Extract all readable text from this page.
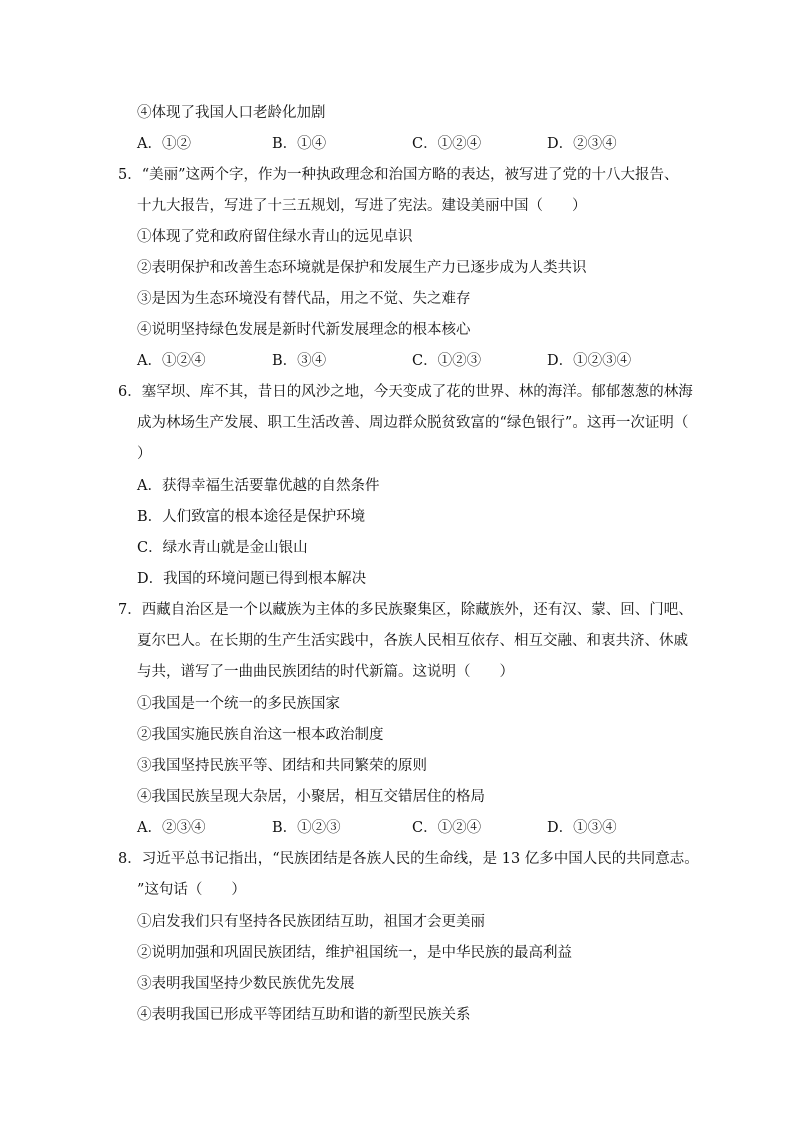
④体现了我国人口老龄化加剧
A．①②	B．①④	C．①②④	D．②③④
5．“美丽”这两个字，作为一种执政理念和治国方略的表达，被写进了党的十八大报告、
十九大报告，写进了十三五规划，写进了宪法。建设美丽中国（　　）
①体现了党和政府留住绿水青山的远见卓识
②表明保护和改善生态环境就是保护和发展生产力已逐步成为人类共识
③是因为生态环境没有替代品，用之不觉、失之难存
④说明坚持绿色发展是新时代新发展理念的根本核心
A．①②④	B．③④	C．①②③	D．①②③④
6．塞罕坝、库不其，昔日的风沙之地，今天变成了花的世界、林的海洋。郁郁葱葱的林海
成为林场生产发展、职工生活改善、周边群众脱贫致富的“绿色银行”。这再一次证明（
）
A．获得幸福生活要靠优越的自然条件
B．人们致富的根本途径是保护环境
C．绿水青山就是金山银山
D．我国的环境问题已得到根本解决
7．西藏自治区是一个以藏族为主体的多民族聚集区，除藏族外，还有汉、蒙、回、门吧、
夏尔巴人。在长期的生产生活实践中，各族人民相互依存、相互交融、和衷共济、休戚
与共，谱写了一曲曲民族团结的时代新篇。这说明（　　）
①我国是一个统一的多民族国家
②我国实施民族自治这一根本政治制度
③我国坚持民族平等、团结和共同繁荣的原则
④我国民族呈现大杂居，小聚居，相互交错居住的格局
A．②③④	B．①②③	C．①②④	D．①③④
8．习近平总书记指出，“民族团结是各族人民的生命线，是 13 亿多中国人民的共同意志。
”这句话（　　）
①启发我们只有坚持各民族团结互助，祖国才会更美丽
②说明加强和巩固民族团结，维护祖国统一，是中华民族的最高利益
③表明我国坚持少数民族优先发展
④表明我国已形成平等团结互助和谐的新型民族关系
